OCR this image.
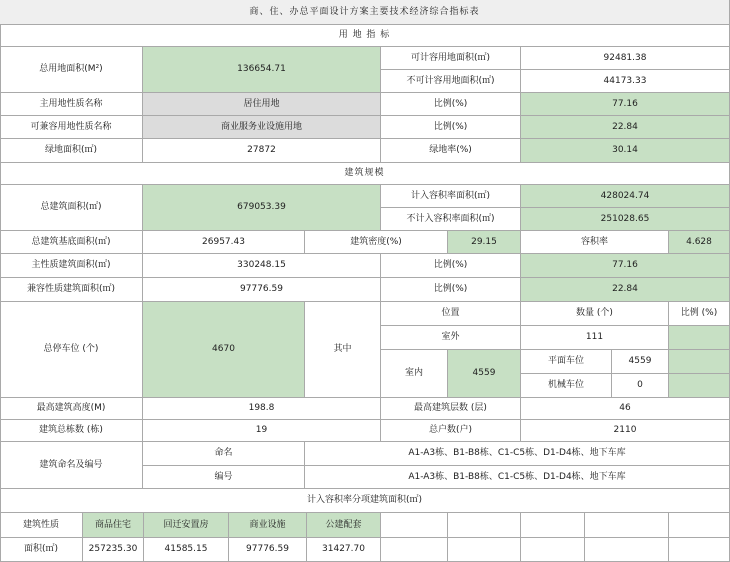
商、住、办总平面设计方案主要技术经济综合指标表
用 地 指 标
总用地面积(M²)	136654.71
可计容用地面积(㎡)	92481.38
不可计容用地面积(㎡)	44173.33
主用地性质名称	居住用地	比例(%)	77.16
可兼容用地性质名称	商业服务业设施用地	比例(%)	22.84
绿地面积(㎡)	27872	绿地率(%)	30.14
建筑规模
总建筑面积(㎡)	679053.39
计入容积率面积(㎡)	428024.74
不计入容积率面积(㎡)	251028.65
总建筑基底面积(㎡)	26957.43	建筑密度(%)	29.15	容积率	4.628
主性质建筑面积(㎡)	330248.15	比例(%)	77.16
兼容性质建筑面积(㎡)	97776.59	比例(%)	22.84
总停车位 (个)	4670	其中
位置	数量 (个)	比例 (%)
室外	111
室内	4559
平面车位	4559
机械车位	0
最高建筑高度(M)	198.8	最高建筑层数 (层)	46
建筑总栋数 (栋)	19	总户数(户)	2110
建筑命名及编号
命名	A1-A3栋、B1-B8栋、C1-C5栋、D1-D4栋、地下车库
编号	A1-A3栋、B1-B8栋、C1-C5栋、D1-D4栋、地下车库
计入容积率分项建筑面积(㎡)
建筑性质	商品住宅	回迁安置房	商业设施	公建配套
面积(㎡)	257235.30	41585.15	97776.59	31427.70
